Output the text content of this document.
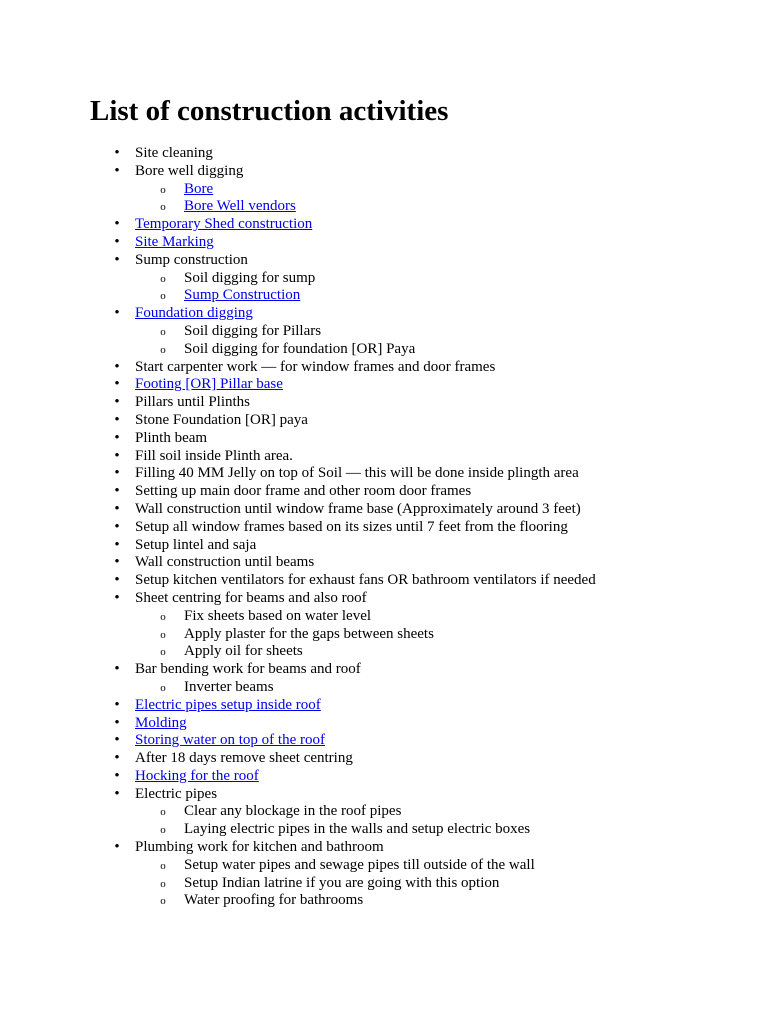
List of construction activities
• Site cleaning
• Bore well digging
o Bore
o Bore Well vendors
• Temporary Shed construction
• Site Marking
• Sump construction
o Soil digging for sump
o Sump Construction
• Foundation digging
o Soil digging for Pillars
o Soil digging for foundation [OR] Paya
• Start carpenter work — for window frames and door frames
• Footing [OR] Pillar base
• Pillars until Plinths
• Stone Foundation [OR] paya
• Plinth beam
• Fill soil inside Plinth area.
• Filling 40 MM Jelly on top of Soil — this will be done inside plingth area
• Setting up main door frame and other room door frames
• Wall construction until window frame base (Approximately around 3 feet)
• Setup all window frames based on its sizes until 7 feet from the flooring
• Setup lintel and saja
• Wall construction until beams
• Setup kitchen ventilators for exhaust fans OR bathroom ventilators if needed
• Sheet centring for beams and also roof
o Fix sheets based on water level
o Apply plaster for the gaps between sheets
o Apply oil for sheets
• Bar bending work for beams and roof
o Inverter beams
• Electric pipes setup inside roof
• Molding
• Storing water on top of the roof
• After 18 days remove sheet centring
• Hocking for the roof
• Electric pipes
o Clear any blockage in the roof pipes
o Laying electric pipes in the walls and setup electric boxes
• Plumbing work for kitchen and bathroom
o Setup water pipes and sewage pipes till outside of the wall
o Setup Indian latrine if you are going with this option
o Water proofing for bathrooms
